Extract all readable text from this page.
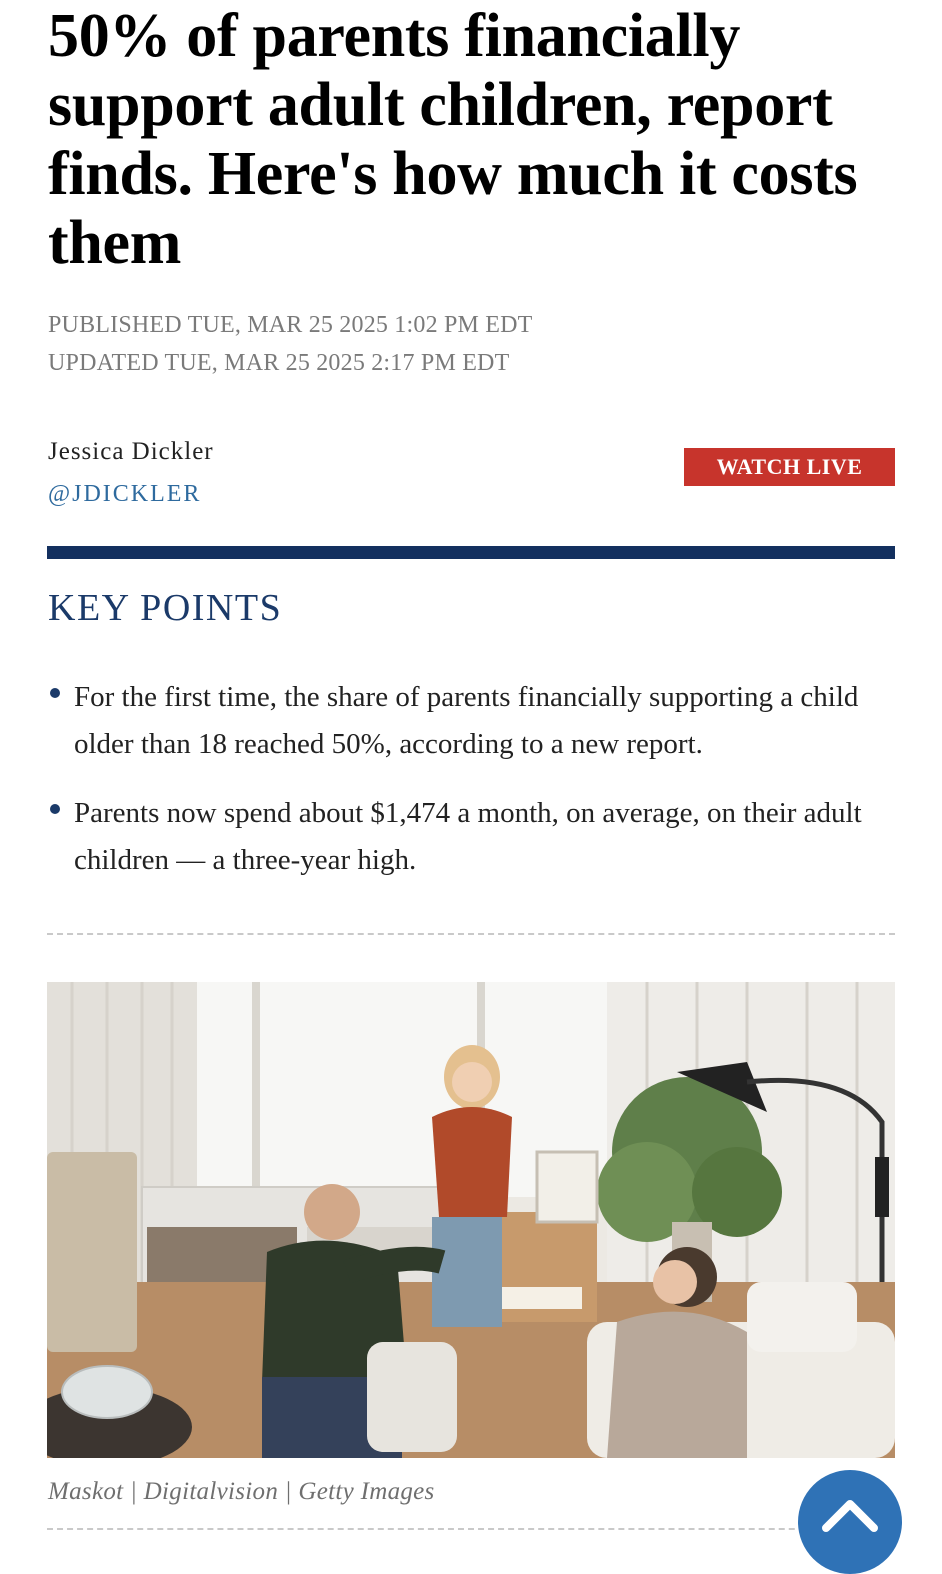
50% of parents financially support adult children, report finds. Here's how much it costs them
PUBLISHED TUE, MAR 25 2025 1:02 PM EDT
UPDATED TUE, MAR 25 2025 2:17 PM EDT
Jessica Dickler
@JDICKLER
WATCH LIVE
KEY POINTS
For the first time, the share of parents financially supporting a child older than 18 reached 50%, according to a new report.
Parents now spend about $1,474 a month, on average, on their adult children — a three-year high.
Maskot | Digitalvision | Getty Images
